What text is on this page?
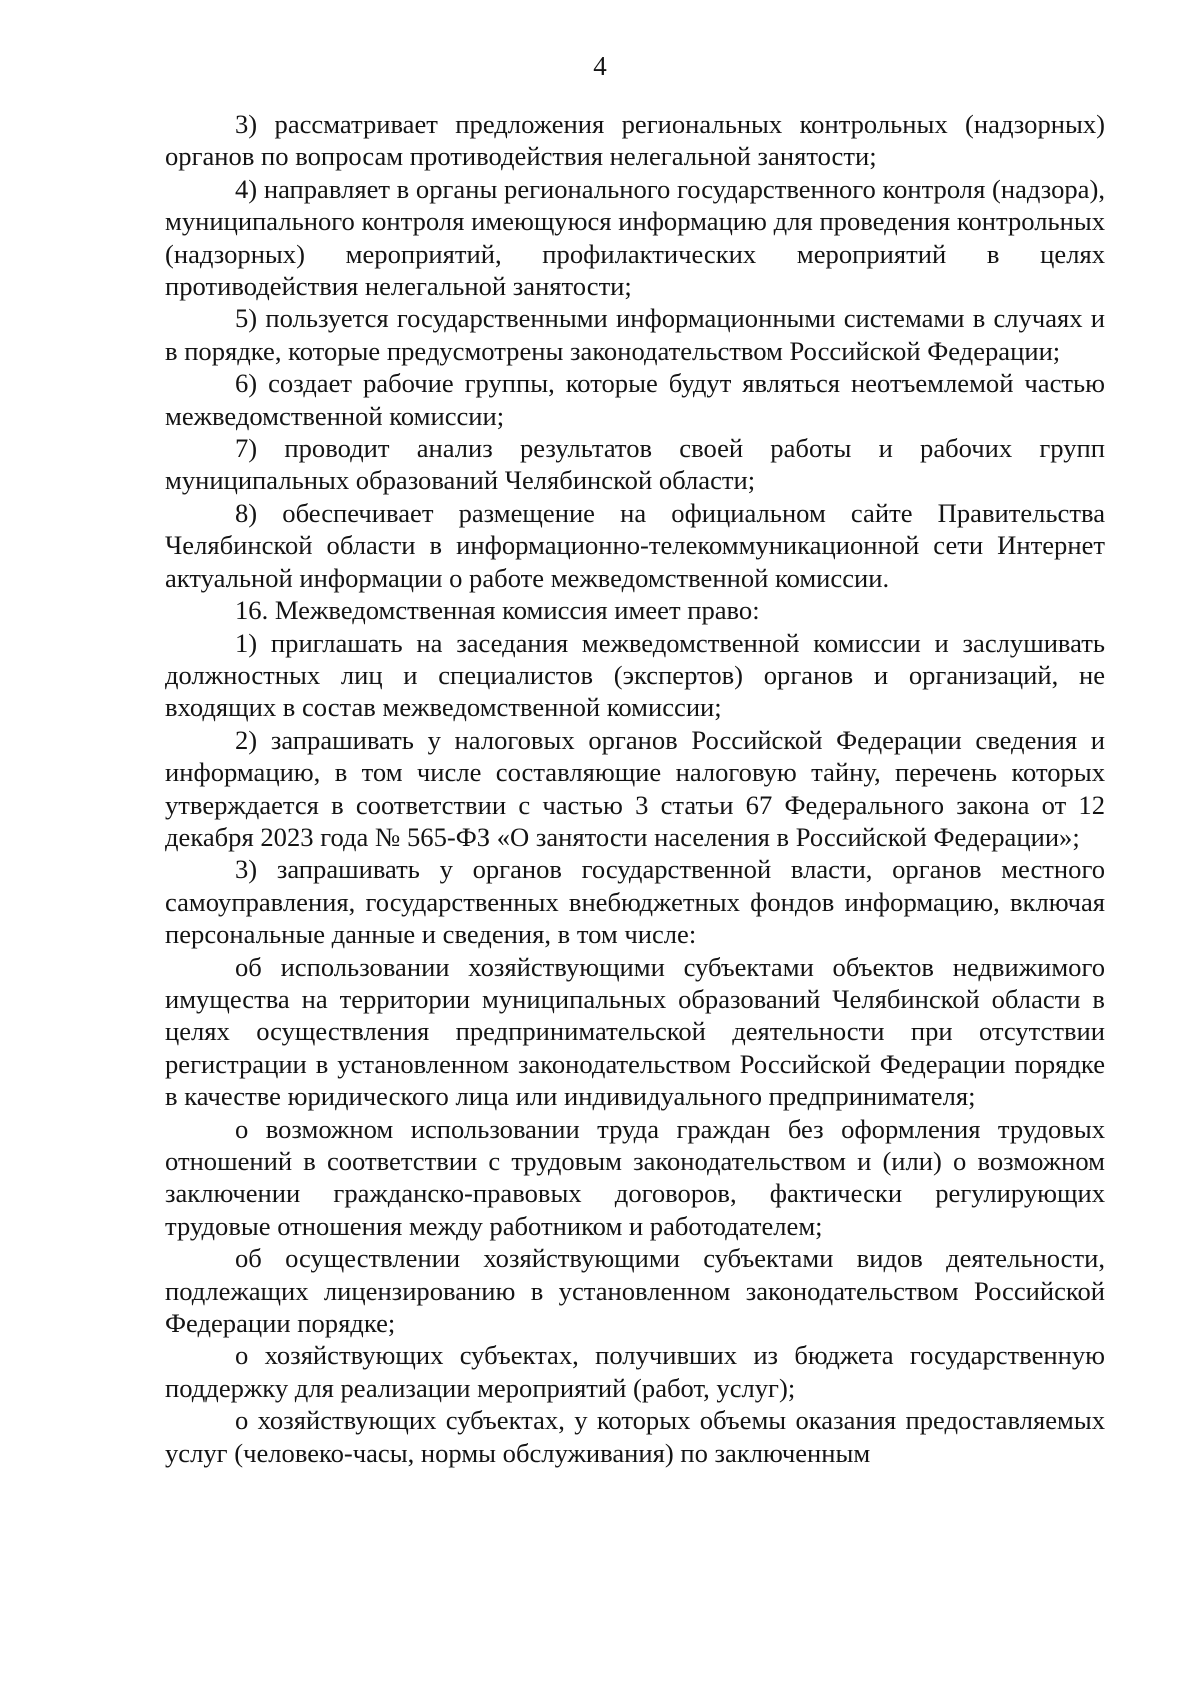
4

3) рассматривает предложения региональных контрольных (надзорных) органов по вопросам противодействия нелегальной занятости;

4) направляет в органы регионального государственного контроля (надзора), муниципального контроля имеющуюся информацию для проведения контрольных (надзорных) мероприятий, профилактических мероприятий в целях противодействия нелегальной занятости;

5) пользуется государственными информационными системами в случаях и в порядке, которые предусмотрены законодательством Российской Федерации;

6) создает рабочие группы, которые будут являться неотъемлемой частью межведомственной комиссии;

7) проводит анализ результатов своей работы и рабочих групп муниципальных образований Челябинской области;

8) обеспечивает размещение на официальном сайте Правительства Челябинской области в информационно-телекоммуникационной сети Интернет актуальной информации о работе межведомственной комиссии.

16. Межведомственная комиссия имеет право:

1) приглашать на заседания межведомственной комиссии и заслушивать должностных лиц и специалистов (экспертов) органов и организаций, не входящих в состав межведомственной комиссии;

2) запрашивать у налоговых органов Российской Федерации сведения и информацию, в том числе составляющие налоговую тайну, перечень которых утверждается в соответствии с частью 3 статьи 67 Федерального закона от 12 декабря 2023 года № 565-ФЗ «О занятости населения в Российской Федерации»;

3) запрашивать у органов государственной власти, органов местного самоуправления, государственных внебюджетных фондов информацию, включая персональные данные и сведения, в том числе:

об использовании хозяйствующими субъектами объектов недвижимого имущества на территории муниципальных образований Челябинской области в целях осуществления предпринимательской деятельности при отсутствии регистрации в установленном законодательством Российской Федерации порядке в качестве юридического лица или индивидуального предпринимателя;

о возможном использовании труда граждан без оформления трудовых отношений в соответствии с трудовым законодательством и (или) о возможном заключении гражданско-правовых договоров, фактически регулирующих трудовые отношения между работником и работодателем;

об осуществлении хозяйствующими субъектами видов деятельности, подлежащих лицензированию в установленном законодательством Российской Федерации порядке;

о хозяйствующих субъектах, получивших из бюджета государственную поддержку для реализации мероприятий (работ, услуг);

о хозяйствующих субъектах, у которых объемы оказания предоставляемых услуг (человеко-часы, нормы обслуживания) по заключенным
